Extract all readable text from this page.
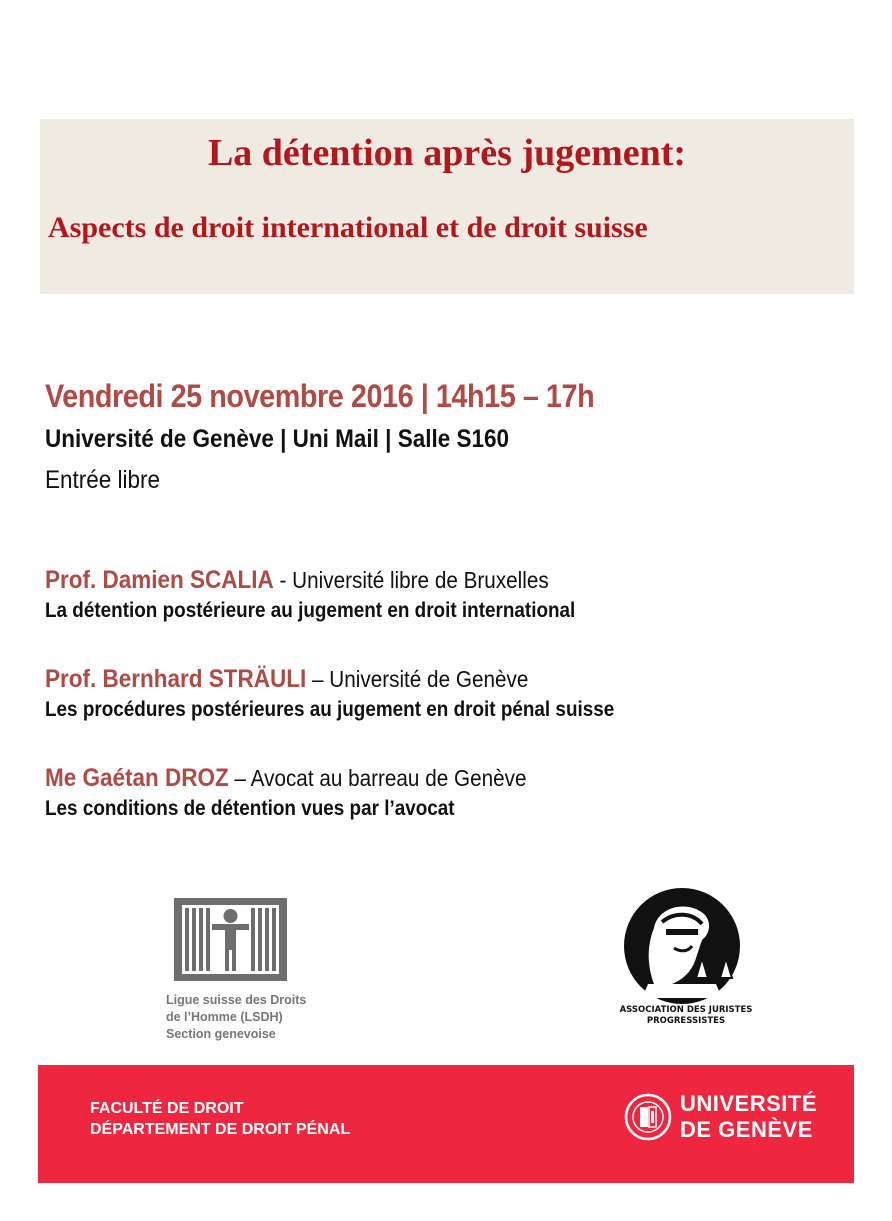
La détention après jugement:
Aspects de droit international et de droit suisse
Vendredi 25 novembre 2016 | 14h15 – 17h
Université de Genève | Uni Mail | Salle S160
Entrée libre
Prof. Damien SCALIA - Université libre de Bruxelles
La détention postérieure au jugement en droit international
Prof. Bernhard STRÄULI – Université de Genève
Les procédures postérieures au jugement en droit pénal suisse
Me Gaétan DROZ – Avocat au barreau de Genève
Les conditions de détention vues par l’avocat
Ligue suisse des Droits
de l’Homme (LSDH)
Section genevoise
ASSOCIATION DES JURISTES
PROGRESSISTES
FACULTÉ DE DROIT
DÉPARTEMENT DE DROIT PÉNAL
UNIVERSITÉ
DE GENÈVE
